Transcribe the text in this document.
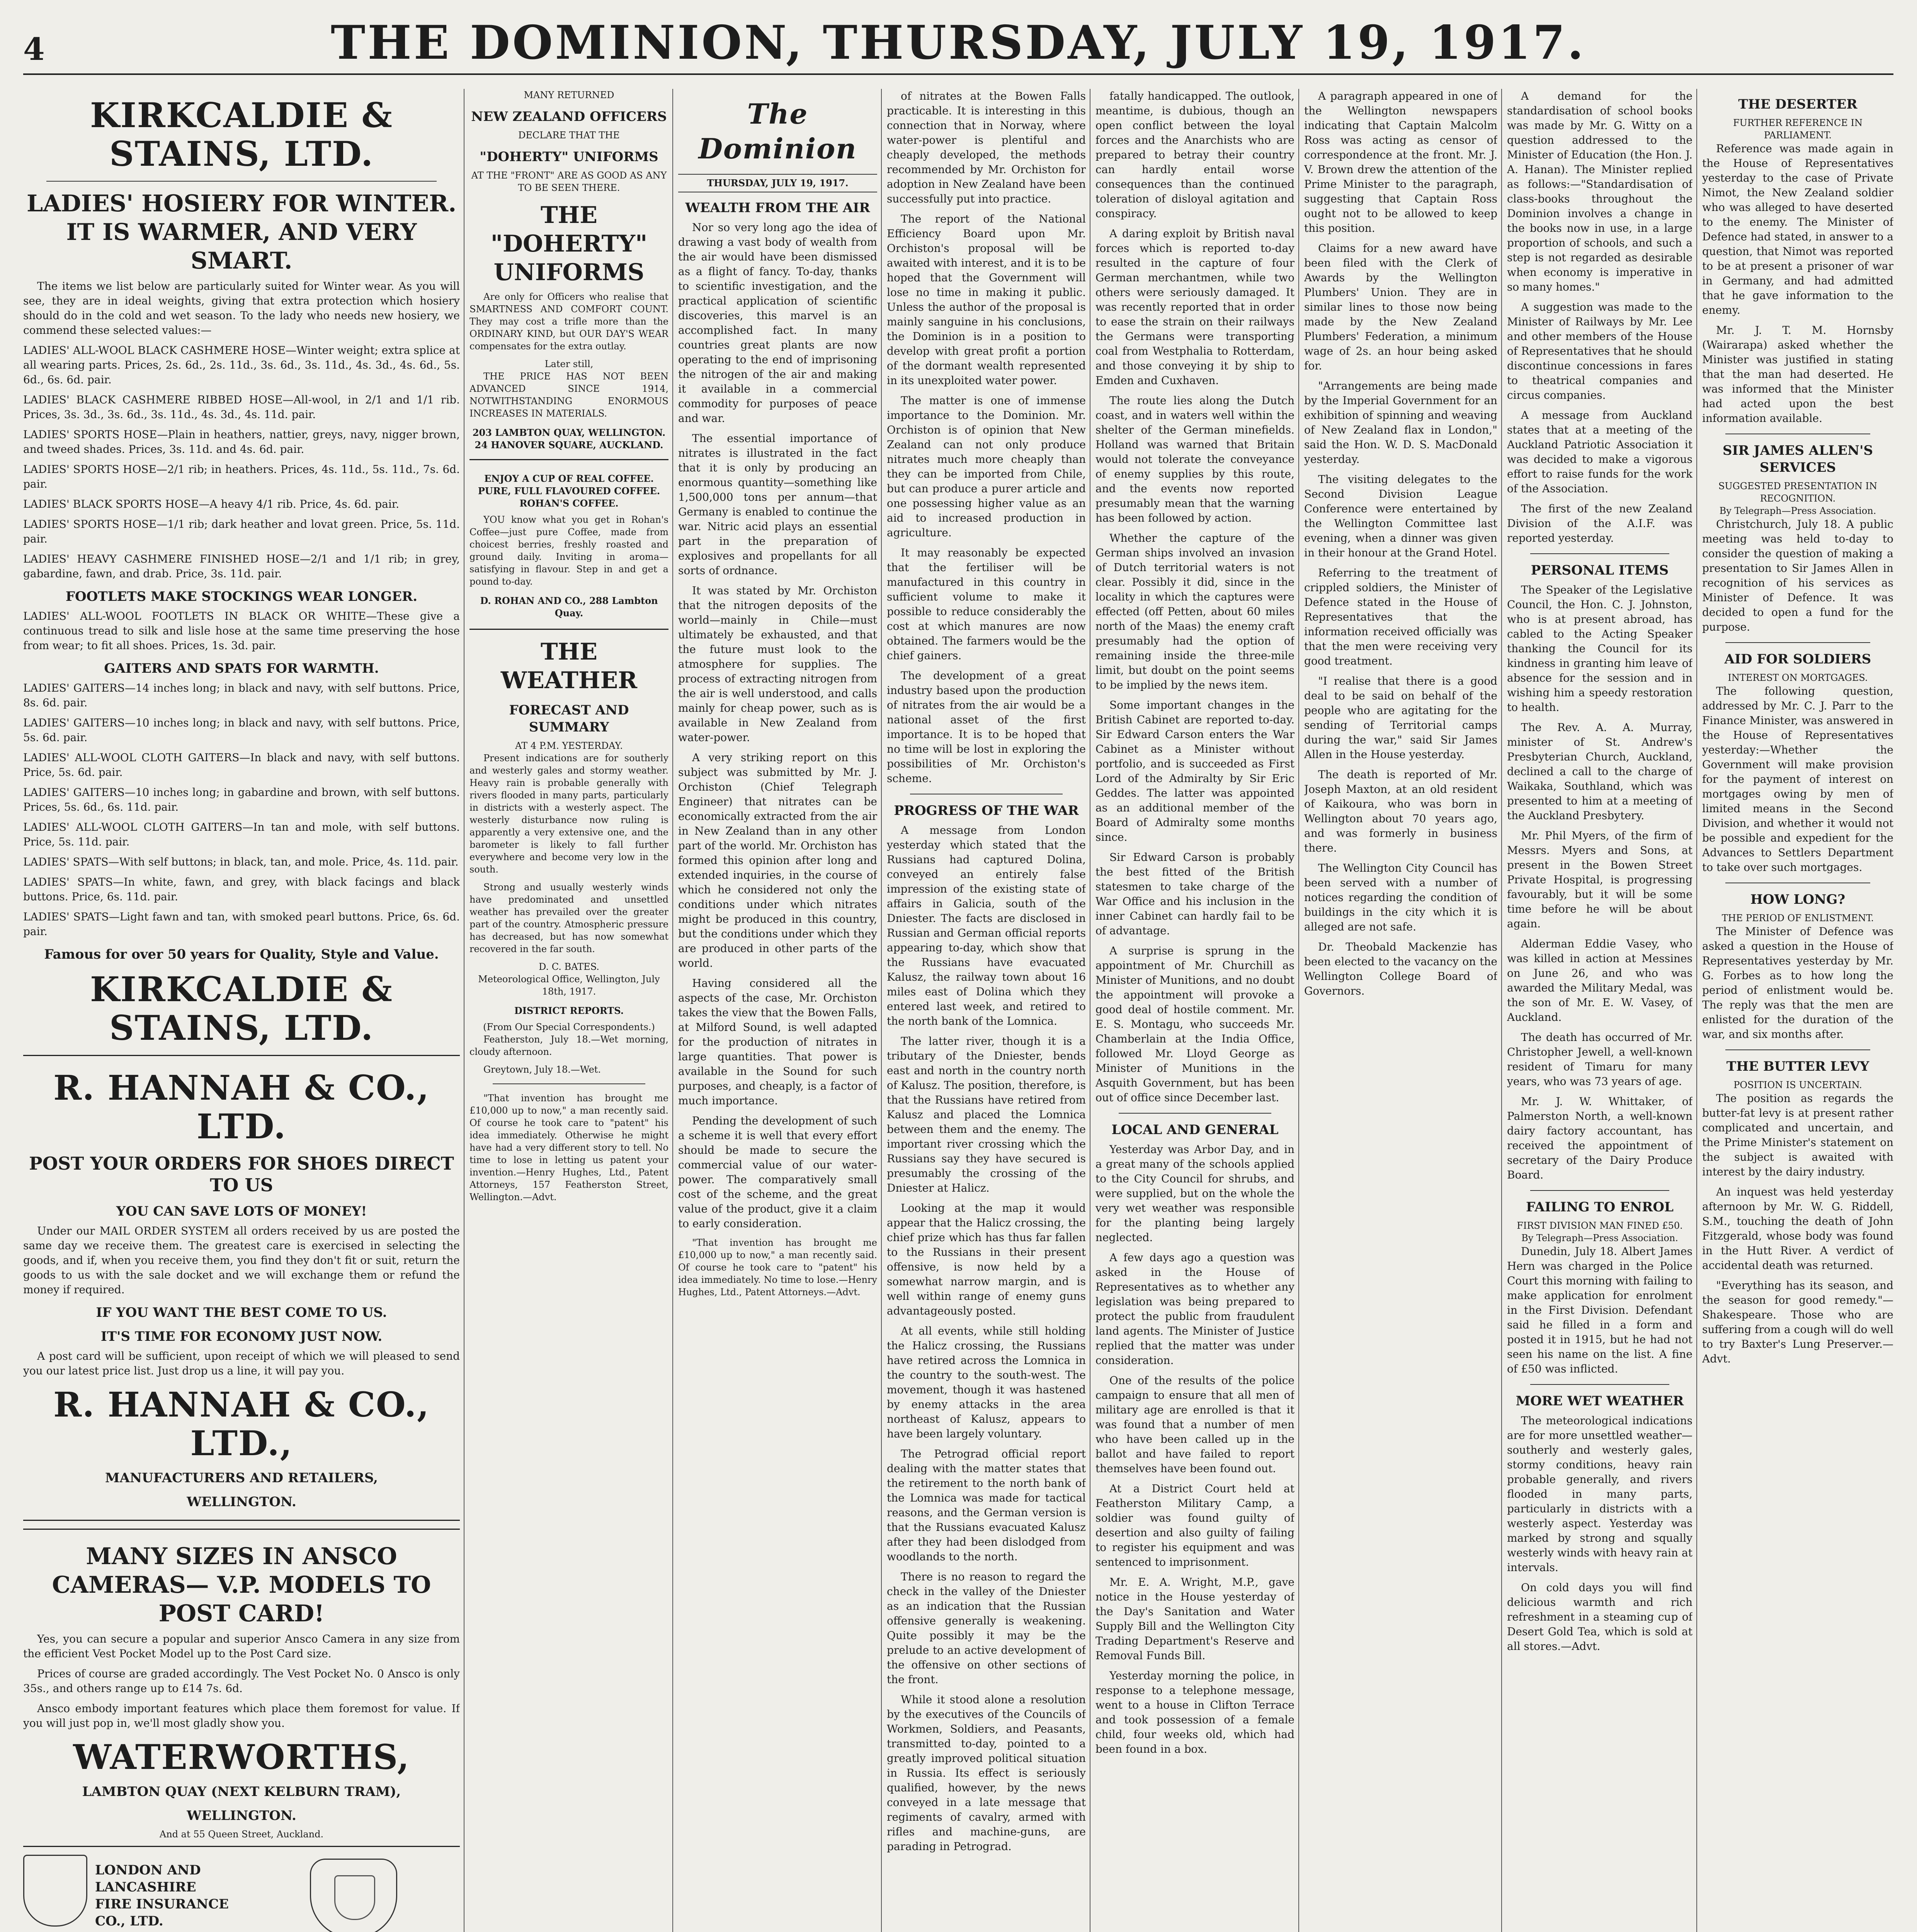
4	THE DOMINION, THURSDAY, JULY 19, 1917.
KIRKCALDIE & STAINS, LTD.
LADIES' HOSIERY FOR WINTER. IT IS WARMER, AND VERY SMART.

The items we list below are particularly suited for Winter wear. As you will see, they are in ideal weights, giving that extra protection which hosiery should do in the cold and wet season. To the lady who needs new hosiery, we commend these selected values:—

LADIES' ALL-WOOL BLACK CASHMERE HOSE—Winter weight; extra splice at all wearing parts. Prices, 2s. 6d., 2s. 11d., 3s. 6d., 3s. 11d., 4s. 3d., 4s. 6d., 5s. 6d., 6s. 6d. pair.

LADIES' BLACK CASHMERE RIBBED HOSE—All-wool, in 2/1 and 1/1 rib. Prices, 3s. 3d., 3s. 6d., 3s. 11d., 4s. 3d., 4s. 11d. pair.

LADIES' SPORTS HOSE—Plain in heathers, nattier, greys, navy, nigger brown, and tweed shades. Prices, 3s. 11d. and 4s. 6d. pair.

LADIES' SPORTS HOSE—2/1 rib; in heathers. Prices, 4s. 11d., 5s. 11d., 7s. 6d. pair.

LADIES' BLACK SPORTS HOSE—A heavy 4/1 rib. Price, 4s. 6d. pair.

LADIES' SPORTS HOSE—1/1 rib; dark heather and lovat green. Price, 5s. 11d. pair.

LADIES' HEAVY CASHMERE FINISHED HOSE—2/1 and 1/1 rib; in grey, gabardine, fawn, and drab. Price, 3s. 11d. pair.

FOOTLETS MAKE STOCKINGS WEAR LONGER.

LADIES' ALL-WOOL FOOTLETS IN BLACK OR WHITE—These give a continuous tread to silk and lisle hose at the same time preserving the hose from wear; to fit all shoes. Prices, 1s. 3d. pair.

GAITERS AND SPATS FOR WARMTH.

LADIES' GAITERS—14 inches long; in black and navy, with self buttons. Price, 8s. 6d. pair.

LADIES' GAITERS—10 inches long; in black and navy, with self buttons. Price, 5s. 6d. pair.

LADIES' ALL-WOOL CLOTH GAITERS—In black and navy, with self buttons. Price, 5s. 6d. pair.

LADIES' GAITERS—10 inches long; in gabardine and brown, with self buttons. Prices, 5s. 6d., 6s. 11d. pair.

LADIES' ALL-WOOL CLOTH GAITERS—In tan and mole, with self buttons. Price, 5s. 11d. pair.

LADIES' SPATS—With self buttons; in black, tan, and mole. Price, 4s. 11d. pair.

LADIES' SPATS—In white, fawn, and grey, with black facings and black buttons. Price, 6s. 11d. pair.

LADIES' SPATS—Light fawn and tan, with smoked pearl buttons. Price, 6s. 6d. pair.

Famous for over 50 years for Quality, Style and Value.
KIRKCALDIE & STAINS, LTD.
R. HANNAH & CO., LTD.
POST YOUR ORDERS FOR SHOES DIRECT TO US
YOU CAN SAVE LOTS OF MONEY!

Under our MAIL ORDER SYSTEM all orders received by us are posted the same day we receive them. The greatest care is exercised in selecting the goods, and if, when you receive them, you find they don't fit or suit, return the goods to us with the sale docket and we will exchange them or refund the money if required.

IF YOU WANT THE BEST COME TO US.
IT'S TIME FOR ECONOMY JUST NOW.

A post card will be sufficient, upon receipt of which we will pleased to send you our latest price list. Just drop us a line, it will pay you.

R. HANNAH & CO., LTD.,
MANUFACTURERS AND RETAILERS,
WELLINGTON.
MANY SIZES IN ANSCO CAMERAS— V.P. MODELS TO POST CARD!

Yes, you can secure a popular and superior Ansco Camera in any size from the efficient Vest Pocket Model up to the Post Card size.

Prices of course are graded accordingly. The Vest Pocket No. 0 Ansco is only 35s., and others range up to £14 7s. 6d.

Ansco embody important features which place them foremost for value. If you will just pop in, we'll most gladly show you.

WATERWORTHS,
LAMBTON QUAY (NEXT KELBURN TRAM),
WELLINGTON.
And at 55 Queen Street, Auckland.
LONDON AND LANCASHIRE FIRE INSURANCE CO., LTD.

MANY RETURNED
NEW ZEALAND OFFICERS
DECLARE THAT THE
"DOHERTY" UNIFORMS
AT THE "FRONT" ARE AS GOOD AS ANY TO BE SEEN THERE.
THE "DOHERTY" UNIFORMS

Are only for Officers who realise that SMARTNESS AND COMFORT COUNT. They may cost a trifle more than the ORDINARY KIND, but OUR DAY'S WEAR compensates for the extra outlay.

Later still,

THE PRICE HAS NOT BEEN ADVANCED SINCE 1914, NOTWITHSTANDING ENORMOUS INCREASES IN MATERIALS.

203 LAMBTON QUAY, WELLINGTON. 24 HANOVER SQUARE, AUCKLAND.
ENJOY A CUP OF REAL COFFEE. PURE, FULL FLAVOURED COFFEE. ROHAN'S COFFEE.

YOU know what you get in Rohan's Coffee—just pure Coffee, made from choicest berries, freshly roasted and ground daily. Inviting in aroma—satisfying in flavour. Step in and get a pound to-day.

D. ROHAN AND CO., 288 Lambton Quay.
THE WEATHER
FORECAST AND SUMMARY
AT 4 P.M. YESTERDAY.

Present indications are for southerly and westerly gales and stormy weather. Heavy rain is probable generally with rivers flooded in many parts, particularly in districts with a westerly aspect. The westerly disturbance now ruling is apparently a very extensive one, and the barometer is likely to fall further everywhere and become very low in the south.

Strong and usually westerly winds have predominated and unsettled weather has prevailed over the greater part of the country. Atmospheric pressure has decreased, but has now somewhat recovered in the far south.

D. C. BATES.
Meteorological Office, Wellington, July 18th, 1917.
DISTRICT REPORTS.
(From Our Special Correspondents.)

Featherston, July 18.—Wet morning, cloudy afternoon.

Greytown, July 18.—Wet.

"That invention has brought me £10,000 up to now," a man recently said. Of course he took care to "patent" his idea immediately. Otherwise he might have had a very different story to tell. No time to lose in letting us patent your invention.—Henry Hughes, Ltd., Patent Attorneys, 157 Featherston Street, Wellington.—Advt.

The Dominion
THURSDAY, JULY 19, 1917.
WEALTH FROM THE AIR

Nor so very long ago the idea of drawing a vast body of wealth from the air would have been dismissed as a flight of fancy. To-day, thanks to scientific investigation, and the practical application of scientific discoveries, this marvel is an accomplished fact. In many countries great plants are now operating to the end of imprisoning the nitrogen of the air and making it available in a commercial commodity for purposes of peace and war.

The essential importance of nitrates is illustrated in the fact that it is only by producing an enormous quantity—something like 1,500,000 tons per annum—that Germany is enabled to continue the war. Nitric acid plays an essential part in the preparation of explosives and propellants for all sorts of ordnance.

It was stated by Mr. Orchiston that the nitrogen deposits of the world—mainly in Chile—must ultimately be exhausted, and that the future must look to the atmosphere for supplies. The process of extracting nitrogen from the air is well understood, and calls mainly for cheap power, such as is available in New Zealand from water-power.

A very striking report on this subject was submitted by Mr. J. Orchiston (Chief Telegraph Engineer) that nitrates can be economically extracted from the air in New Zealand than in any other part of the world. Mr. Orchiston has formed this opinion after long and extended inquiries, in the course of which he considered not only the conditions under which nitrates might be produced in this country, but the conditions under which they are produced in other parts of the world.

Having considered all the aspects of the case, Mr. Orchiston takes the view that the Bowen Falls, at Milford Sound, is well adapted for the production of nitrates in large quantities. That power is available in the Sound for such purposes, and cheaply, is a factor of much importance.

Pending the development of such a scheme it is well that every effort should be made to secure the commercial value of our water-power. The comparatively small cost of the scheme, and the great value of the product, give it a claim to early consideration.

"That invention has brought me £10,000 up to now," a man recently said. Of course he took care to "patent" his idea immediately. No time to lose.—Henry Hughes, Ltd., Patent Attorneys.—Advt.

of nitrates at the Bowen Falls practicable. It is interesting in this connection that in Norway, where water-power is plentiful and cheaply developed, the methods recommended by Mr. Orchiston for adoption in New Zealand have been successfully put into practice.

The report of the National Efficiency Board upon Mr. Orchiston's proposal will be awaited with interest, and it is to be hoped that the Government will lose no time in making it public. Unless the author of the proposal is mainly sanguine in his conclusions, the Dominion is in a position to develop with great profit a portion of the dormant wealth represented in its unexploited water power.

The matter is one of immense importance to the Dominion. Mr. Orchiston is of opinion that New Zealand can not only produce nitrates much more cheaply than they can be imported from Chile, but can produce a purer article and one possessing higher value as an aid to increased production in agriculture.

It may reasonably be expected that the fertiliser will be manufactured in this country in sufficient volume to make it possible to reduce considerably the cost at which manures are now obtained. The farmers would be the chief gainers.

The development of a great industry based upon the production of nitrates from the air would be a national asset of the first importance. It is to be hoped that no time will be lost in exploring the possibilities of Mr. Orchiston's scheme.

PROGRESS OF THE WAR

A message from London yesterday which stated that the Russians had captured Dolina, conveyed an entirely false impression of the existing state of affairs in Galicia, south of the Dniester. The facts are disclosed in Russian and German official reports appearing to-day, which show that the Russians have evacuated Kalusz, the railway town about 16 miles east of Dolina which they entered last week, and retired to the north bank of the Lomnica.

The latter river, though it is a tributary of the Dniester, bends east and north in the country north of Kalusz. The position, therefore, is that the Russians have retired from Kalusz and placed the Lomnica between them and the enemy. The important river crossing which the Russians say they have secured is presumably the crossing of the Dniester at Halicz.

Looking at the map it would appear that the Halicz crossing, the chief prize which has thus far fallen to the Russians in their present offensive, is now held by a somewhat narrow margin, and is well within range of enemy guns advantageously posted.

At all events, while still holding the Halicz crossing, the Russians have retired across the Lomnica in the country to the south-west. The movement, though it was hastened by enemy attacks in the area northeast of Kalusz, appears to have been largely voluntary.

The Petrograd official report dealing with the matter states that the retirement to the north bank of the Lomnica was made for tactical reasons, and the German version is that the Russians evacuated Kalusz after they had been dislodged from woodlands to the north.

There is no reason to regard the check in the valley of the Dniester as an indication that the Russian offensive generally is weakening. Quite possibly it may be the prelude to an active development of the offensive on other sections of the front.

While it stood alone a resolution by the executives of the Councils of Workmen, Soldiers, and Peasants, transmitted to-day, pointed to a greatly improved political situation in Russia. Its effect is seriously qualified, however, by the news conveyed in a late message that regiments of cavalry, armed with rifles and machine-guns, are parading in Petrograd.

fatally handicapped. The outlook, meantime, is dubious, though an open conflict between the loyal forces and the Anarchists who are prepared to betray their country can hardly entail worse consequences than the continued toleration of disloyal agitation and conspiracy.

A daring exploit by British naval forces which is reported to-day resulted in the capture of four German merchantmen, while two others were seriously damaged. It was recently reported that in order to ease the strain on their railways the Germans were transporting coal from Westphalia to Rotterdam, and those conveying it by ship to Emden and Cuxhaven.

The route lies along the Dutch coast, and in waters well within the shelter of the German minefields. Holland was warned that Britain would not tolerate the conveyance of enemy supplies by this route, and the events now reported presumably mean that the warning has been followed by action.

Whether the capture of the German ships involved an invasion of Dutch territorial waters is not clear. Possibly it did, since in the locality in which the captures were effected (off Petten, about 60 miles north of the Maas) the enemy craft presumably had the option of remaining inside the three-mile limit, but doubt on the point seems to be implied by the news item.

Some important changes in the British Cabinet are reported to-day. Sir Edward Carson enters the War Cabinet as a Minister without portfolio, and is succeeded as First Lord of the Admiralty by Sir Eric Geddes. The latter was appointed as an additional member of the Board of Admiralty some months since.

Sir Edward Carson is probably the best fitted of the British statesmen to take charge of the War Office and his inclusion in the inner Cabinet can hardly fail to be of advantage.

A surprise is sprung in the appointment of Mr. Churchill as Minister of Munitions, and no doubt the appointment will provoke a good deal of hostile comment. Mr. E. S. Montagu, who succeeds Mr. Chamberlain at the India Office, followed Mr. Lloyd George as Minister of Munitions in the Asquith Government, but has been out of office since December last.

LOCAL AND GENERAL

Yesterday was Arbor Day, and in a great many of the schools applied to the City Council for shrubs, and were supplied, but on the whole the very wet weather was responsible for the planting being largely neglected.

A few days ago a question was asked in the House of Representatives as to whether any legislation was being prepared to protect the public from fraudulent land agents. The Minister of Justice replied that the matter was under consideration.

One of the results of the police campaign to ensure that all men of military age are enrolled is that it was found that a number of men who have been called up in the ballot and have failed to report themselves have been found out.

At a District Court held at Featherston Military Camp, a soldier was found guilty of desertion and also guilty of failing to register his equipment and was sentenced to imprisonment.

Mr. E. A. Wright, M.P., gave notice in the House yesterday of the Day's Sanitation and Water Supply Bill and the Wellington City Trading Department's Reserve and Removal Funds Bill.

Yesterday morning the police, in response to a telephone message, went to a house in Clifton Terrace and took possession of a female child, four weeks old, which had been found in a box.

A paragraph appeared in one of the Wellington newspapers indicating that Captain Malcolm Ross was acting as censor of correspondence at the front. Mr. J. V. Brown drew the attention of the Prime Minister to the paragraph, suggesting that Captain Ross ought not to be allowed to keep this position.

Claims for a new award have been filed with the Clerk of Awards by the Wellington Plumbers' Union. They are in similar lines to those now being made by the New Zealand Plumbers' Federation, a minimum wage of 2s. an hour being asked for.

"Arrangements are being made by the Imperial Government for an exhibition of spinning and weaving of New Zealand flax in London," said the Hon. W. D. S. MacDonald yesterday.

The visiting delegates to the Second Division League Conference were entertained by the Wellington Committee last evening, when a dinner was given in their honour at the Grand Hotel.

Referring to the treatment of crippled soldiers, the Minister of Defence stated in the House of Representatives that the information received officially was that the men were receiving very good treatment.

"I realise that there is a good deal to be said on behalf of the people who are agitating for the sending of Territorial camps during the war," said Sir James Allen in the House yesterday.

The death is reported of Mr. Joseph Maxton, at an old resident of Kaikoura, who was born in Wellington about 70 years ago, and was formerly in business there.

The Wellington City Council has been served with a number of notices regarding the condition of buildings in the city which it is alleged are not safe.

Dr. Theobald Mackenzie has been elected to the vacancy on the Wellington College Board of Governors.

A demand for the standardisation of school books was made by Mr. G. Witty on a question addressed to the Minister of Education (the Hon. J. A. Hanan). The Minister replied as follows:—"Standardisation of class-books throughout the Dominion involves a change in the books now in use, in a large proportion of schools, and such a step is not regarded as desirable when economy is imperative in so many homes."

A suggestion was made to the Minister of Railways by Mr. Lee and other members of the House of Representatives that he should discontinue concessions in fares to theatrical companies and circus companies.

A message from Auckland states that at a meeting of the Auckland Patriotic Association it was decided to make a vigorous effort to raise funds for the work of the Association.

The first of the new Zealand Division of the A.I.F. was reported yesterday.

PERSONAL ITEMS

The Speaker of the Legislative Council, the Hon. C. J. Johnston, who is at present abroad, has cabled to the Acting Speaker thanking the Council for its kindness in granting him leave of absence for the session and in wishing him a speedy restoration to health.

The Rev. A. A. Murray, minister of St. Andrew's Presbyterian Church, Auckland, declined a call to the charge of Waikaka, Southland, which was presented to him at a meeting of the Auckland Presbytery.

Mr. Phil Myers, of the firm of Messrs. Myers and Sons, at present in the Bowen Street Private Hospital, is progressing favourably, but it will be some time before he will be about again.

Alderman Eddie Vasey, who was killed in action at Messines on June 26, and who was awarded the Military Medal, was the son of Mr. E. W. Vasey, of Auckland.

The death has occurred of Mr. Christopher Jewell, a well-known resident of Timaru for many years, who was 73 years of age.

Mr. J. W. Whittaker, of Palmerston North, a well-known dairy factory accountant, has received the appointment of secretary of the Dairy Produce Board.

FAILING TO ENROL
FIRST DIVISION MAN FINED £50.
By Telegraph—Press Association.

Dunedin, July 18. Albert James Hern was charged in the Police Court this morning with failing to make application for enrolment in the First Division. Defendant said he filled in a form and posted it in 1915, but he had not seen his name on the list. A fine of £50 was inflicted.

MORE WET WEATHER

The meteorological indications are for more unsettled weather—southerly and westerly gales, stormy conditions, heavy rain probable generally, and rivers flooded in many parts, particularly in districts with a westerly aspect. Yesterday was marked by strong and squally westerly winds with heavy rain at intervals.

On cold days you will find delicious warmth and rich refreshment in a steaming cup of Desert Gold Tea, which is sold at all stores.—Advt.

THE DESERTER
FURTHER REFERENCE IN PARLIAMENT.

Reference was made again in the House of Representatives yesterday to the case of Private Nimot, the New Zealand soldier who was alleged to have deserted to the enemy. The Minister of Defence had stated, in answer to a question, that Nimot was reported to be at present a prisoner of war in Germany, and had admitted that he gave information to the enemy.

Mr. J. T. M. Hornsby (Wairarapa) asked whether the Minister was justified in stating that the man had deserted. He was informed that the Minister had acted upon the best information available.

SIR JAMES ALLEN'S SERVICES
SUGGESTED PRESENTATION IN RECOGNITION.
By Telegraph—Press Association.

Christchurch, July 18. A public meeting was held to-day to consider the question of making a presentation to Sir James Allen in recognition of his services as Minister of Defence. It was decided to open a fund for the purpose.

AID FOR SOLDIERS
INTEREST ON MORTGAGES.

The following question, addressed by Mr. C. J. Parr to the Finance Minister, was answered in the House of Representatives yesterday:—Whether the Government will make provision for the payment of interest on mortgages owing by men of limited means in the Second Division, and whether it would not be possible and expedient for the Advances to Settlers Department to take over such mortgages.

HOW LONG?
THE PERIOD OF ENLISTMENT.

The Minister of Defence was asked a question in the House of Representatives yesterday by Mr. G. Forbes as to how long the period of enlistment would be. The reply was that the men are enlisted for the duration of the war, and six months after.

THE BUTTER LEVY
POSITION IS UNCERTAIN.

The position as regards the butter-fat levy is at present rather complicated and uncertain, and the Prime Minister's statement on the subject is awaited with interest by the dairy industry.

An inquest was held yesterday afternoon by Mr. W. G. Riddell, S.M., touching the death of John Fitzgerald, whose body was found in the Hutt River. A verdict of accidental death was returned.

"Everything has its season, and the season for good remedy."—Shakespeare. Those who are suffering from a cough will do well to try Baxter's Lung Preserver.—Advt.
